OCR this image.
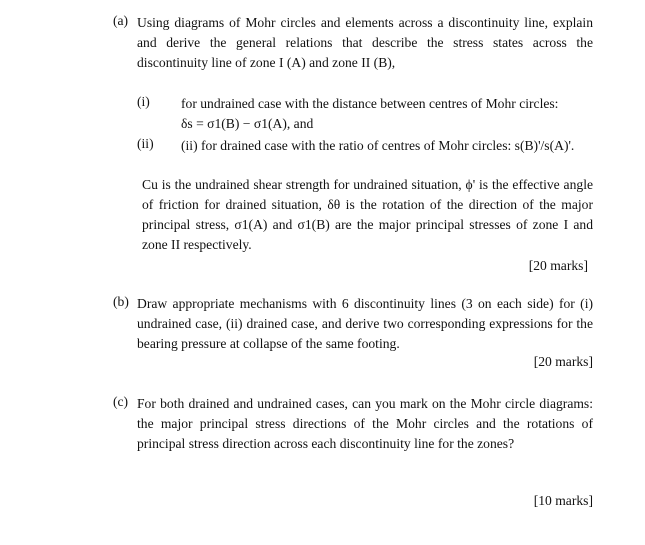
(a) Using diagrams of Mohr circles and elements across a discontinuity line, explain and derive the general relations that describe the stress states across the discontinuity line of zone I (A) and zone II (B),
(i) for undrained case with the distance between centres of Mohr circles:
δs = σ1(B) − σ1(A), and
(ii) (ii) for drained case with the ratio of centres of Mohr circles: s(B)'/s(A)'.
Cu is the undrained shear strength for undrained situation, ϕ' is the effective angle of friction for drained situation, δθ is the rotation of the direction of the major principal stress, σ1(A) and σ1(B) are the major principal stresses of zone I and zone II respectively.
[20 marks]
(b) Draw appropriate mechanisms with 6 discontinuity lines (3 on each side) for (i) undrained case, (ii) drained case, and derive two corresponding expressions for the bearing pressure at collapse of the same footing.
[20 marks]
(c) For both drained and undrained cases, can you mark on the Mohr circle diagrams: the major principal stress directions of the Mohr circles and the rotations of principal stress direction across each discontinuity line for the zones?
[10 marks]
